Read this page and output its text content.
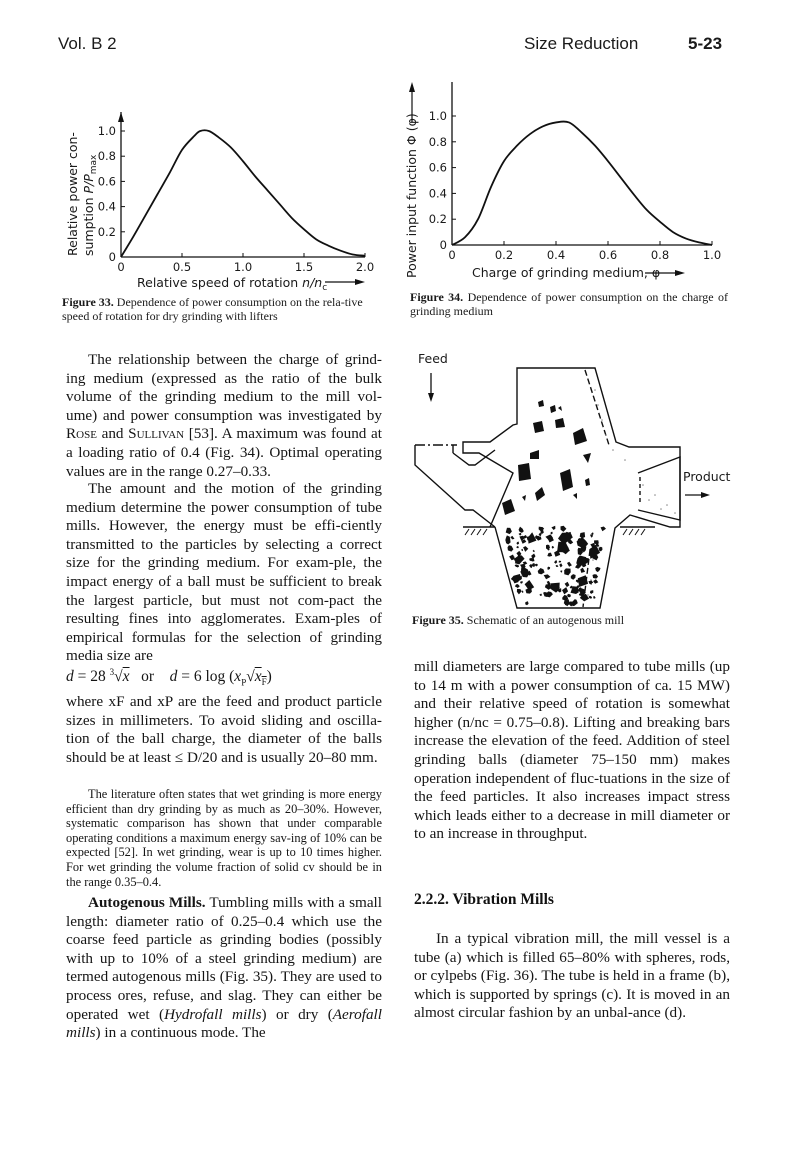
Vol. B 2	Size Reduction	5-23
Relative power con- sumption $P/P_{max}$
0	0.5	1.0	1.5	2.0
0
0.2
0.4
0.6
0.8
1.0
Relative speed of rotation $n/n_c$
Figure 33. Dependence of power consumption on the rela-tive speed of rotation for dry grinding with lifters
Power input function Φ (φ)	0	0.2	0.4	0.6	0.8	1.0
0
0.2
0.4
0.6
0.8
1.0
Charge of grinding medium, φ
Figure 34. Dependence of power consumption on the charge of grinding medium

The relationship between the charge of grind-ing medium (expressed as the ratio of the bulk volume of the grinding medium to the mill vol-ume) and power consumption was investigated by Rose and Sullivan [53]. A maximum was found at a loading ratio of 0.4 (Fig. 34). Optimal operating values are in the range 0.27–0.33.

The amount and the motion of the grinding medium determine the power consumption of tube mills. However, the energy must be effi-ciently transmitted to the particles by selecting a correct size for the grinding medium. For exam-ple, the impact energy of a ball must be sufficient to break the largest particle, but must not com-pact the resulting fines into agglomerates. Exam-ples of empirical formulas for the selection of grinding media size are

d = 28 $^3$√x or d = 6 $\log (x_P√x_F)$

where xF and xP are the feed and product particle sizes in millimeters. To avoid sliding and oscilla-tion of the ball charge, the diameter of the balls should be at least ≤ D/20 and is usually 20–80 mm.

The literature often states that wet grinding is more energy efficient than dry grinding by as much as 20–30%. However, systematic comparison has shown that under comparable operating conditions a maximum energy sav-ing of 10% can be expected [52]. In wet grinding, wear is up to 10 times higher. For wet grinding the volume fraction of solid cv should be in the range 0.35–0.4.

Autogenous Mills. Tumbling mills with a small length: diameter ratio of 0.25–0.4 which use the coarse feed particle as grinding bodies (possibly with up to 10% of a steel grinding medium) are termed autogenous mills (Fig. 35). They are used to process ores, refuse, and slag. They can either be operated wet (Hydrofall mills) or dry (Aerofall mills) in a continuous mode. The

Feed
Product
Figure 35. Schematic of an autogenous mill

mill diameters are large compared to tube mills (up to 14 m with a power consumption of ca. 15 MW) and their relative speed of rotation is somewhat higher (n/nc = 0.75–0.8). Lifting and breaking bars increase the elevation of the feed. Addition of steel grinding balls (diameter 75–150 mm) makes operation independent of fluc-tuations in the size of the feed particles. It also increases impact stress which leads either to a decrease in mill diameter or to an increase in throughput.

2.2.2. Vibration Mills

In a typical vibration mill, the mill vessel is a tube (a) which is filled 65–80% with spheres, rods, or cylpebs (Fig. 36). The tube is held in a frame (b), which is supported by springs (c). It is moved in an almost circular fashion by an unbal-ance (d).
